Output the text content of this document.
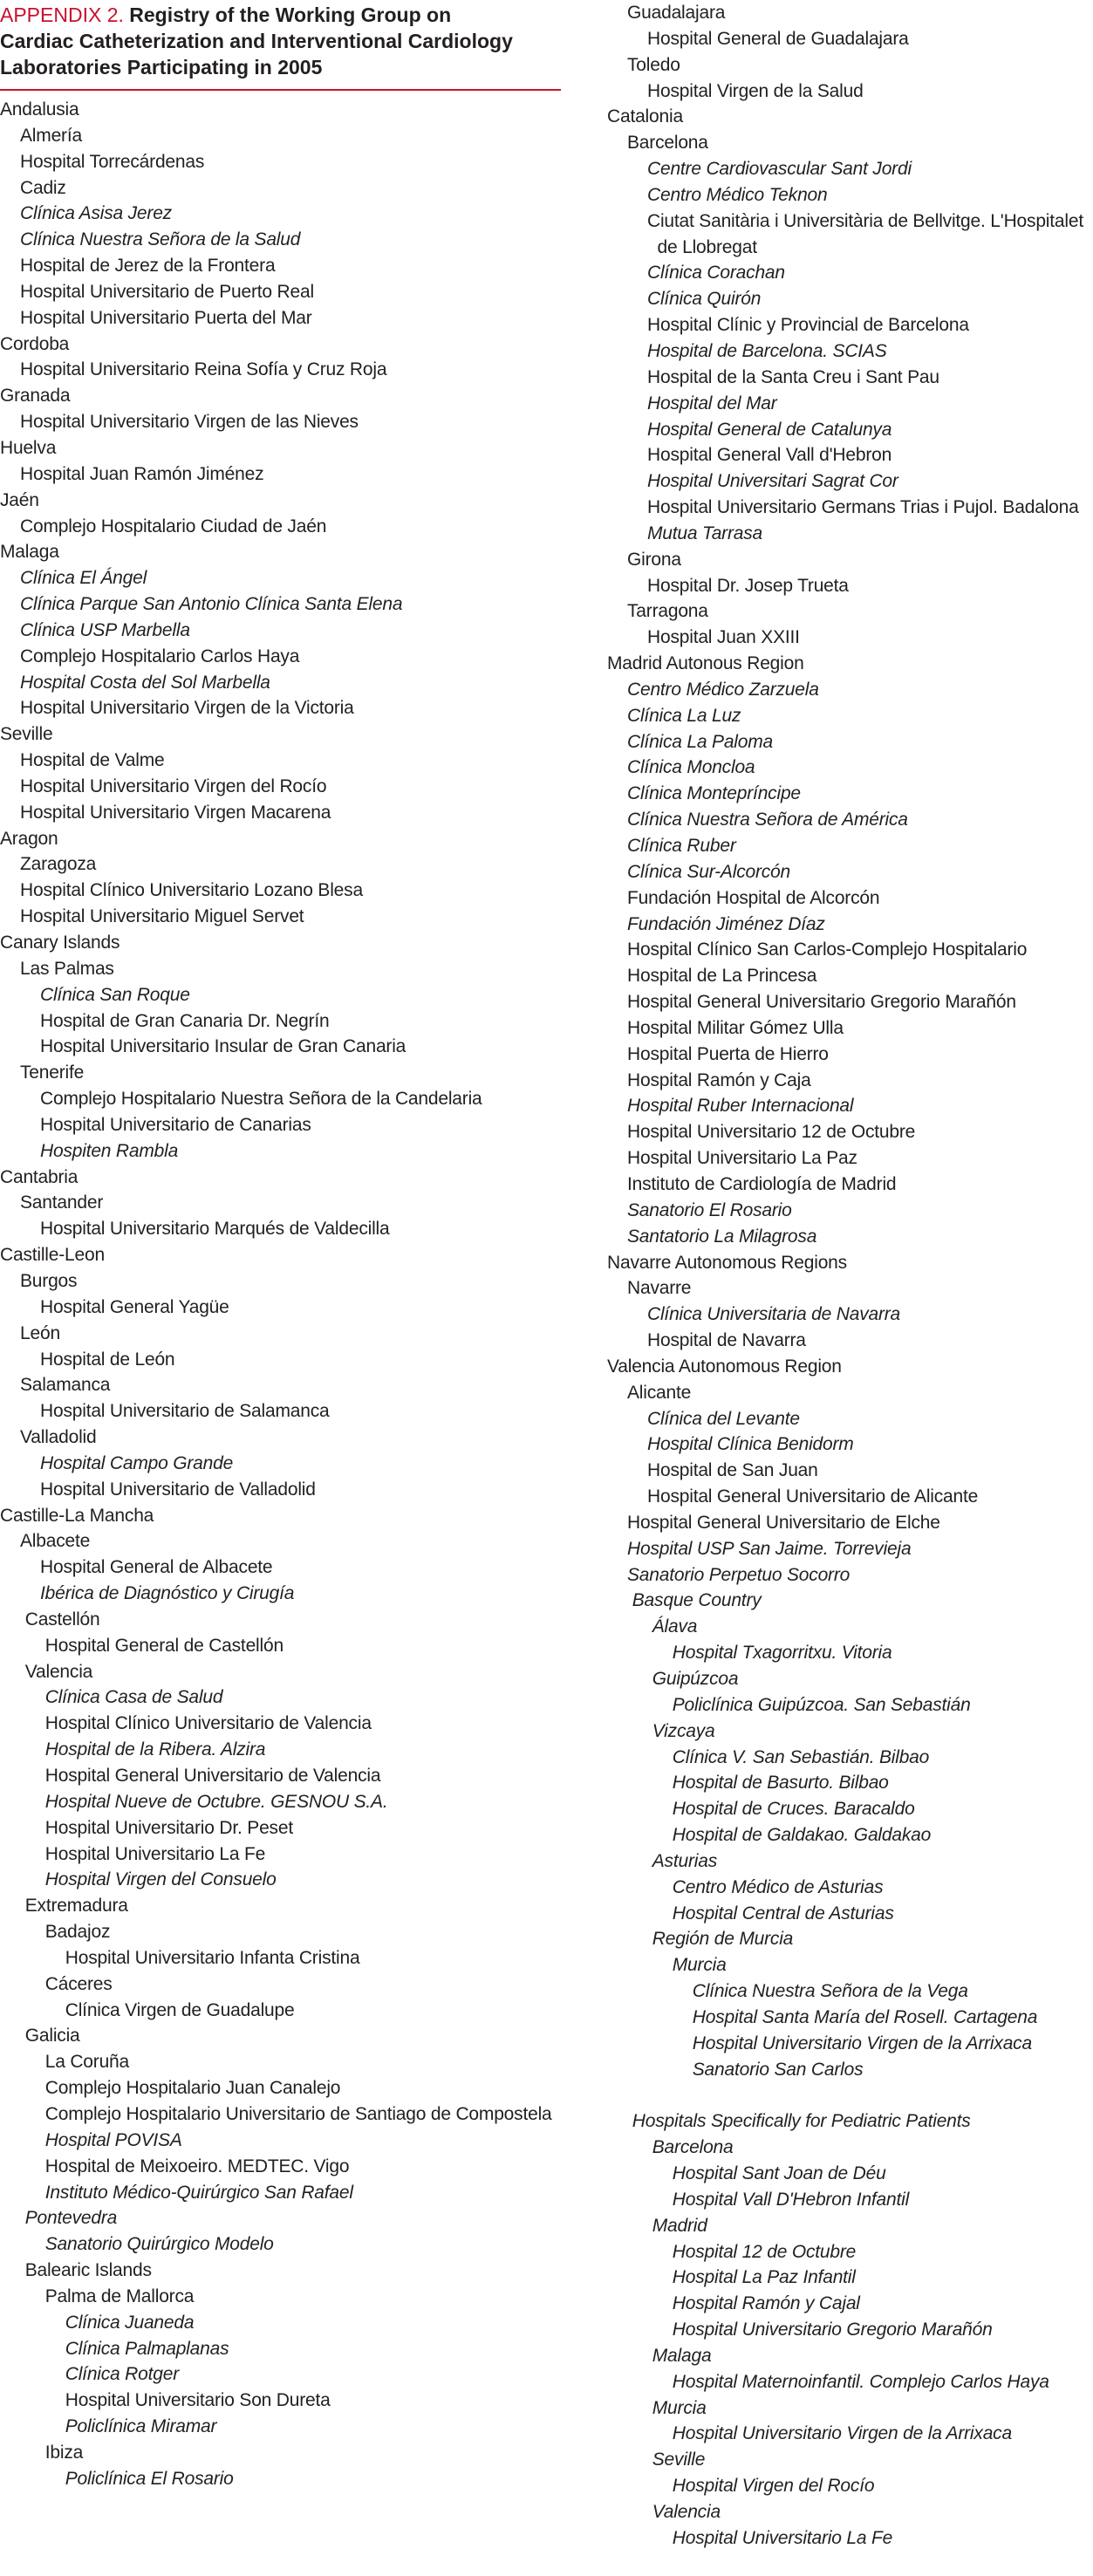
APPENDIX 2. Registry of the Working Group on
Cardiac Catheterization and Interventional Cardiology
Laboratories Participating in 2005
Andalusia
Almería
Hospital Torrecárdenas
Cadiz
Clínica Asisa Jerez
Clínica Nuestra Señora de la Salud
Hospital de Jerez de la Frontera
Hospital Universitario de Puerto Real
Hospital Universitario Puerta del Mar
Cordoba
Hospital Universitario Reina Sofía y Cruz Roja
Granada
Hospital Universitario Virgen de las Nieves
Huelva
Hospital Juan Ramón Jiménez
Jaén
Complejo Hospitalario Ciudad de Jaén
Malaga
Clínica El Ángel
Clínica Parque San Antonio Clínica Santa Elena
Clínica USP Marbella
Complejo Hospitalario Carlos Haya
Hospital Costa del Sol Marbella
Hospital Universitario Virgen de la Victoria
Seville
Hospital de Valme
Hospital Universitario Virgen del Rocío
Hospital Universitario Virgen Macarena
Aragon
Zaragoza
Hospital Clínico Universitario Lozano Blesa
Hospital Universitario Miguel Servet
Canary Islands
Las Palmas
Clínica San Roque
Hospital de Gran Canaria Dr. Negrín
Hospital Universitario Insular de Gran Canaria
Tenerife
Complejo Hospitalario Nuestra Señora de la Candelaria
Hospital Universitario de Canarias
Hospiten Rambla
Cantabria
Santander
Hospital Universitario Marqués de Valdecilla
Castille-Leon
Burgos
Hospital General Yagüe
León
Hospital de León
Salamanca
Hospital Universitario de Salamanca
Valladolid
Hospital Campo Grande
Hospital Universitario de Valladolid
Castille-La Mancha
Albacete
Hospital General de Albacete
Ibérica de Diagnóstico y Cirugía
Castellón
Hospital General de Castellón
Valencia
Clínica Casa de Salud
Hospital Clínico Universitario de Valencia
Hospital de la Ribera. Alzira
Hospital General Universitario de Valencia
Hospital Nueve de Octubre. GESNOU S.A.
Hospital Universitario Dr. Peset
Hospital Universitario La Fe
Hospital Virgen del Consuelo
Extremadura
Badajoz
Hospital Universitario Infanta Cristina
Cáceres
Clínica Virgen de Guadalupe
Galicia
La Coruña
Complejo Hospitalario Juan Canalejo
Complejo Hospitalario Universitario de Santiago de Compostela
Hospital POVISA
Hospital de Meixoeiro. MEDTEC. Vigo
Instituto Médico-Quirúrgico San Rafael
Pontevedra
Sanatorio Quirúrgico Modelo
Balearic Islands
Palma de Mallorca
Clínica Juaneda
Clínica Palmaplanas
Clínica Rotger
Hospital Universitario Son Dureta
Policlínica Miramar
Ibiza
Policlínica El Rosario
Guadalajara
Hospital General de Guadalajara
Toledo
Hospital Virgen de la Salud
Catalonia
Barcelona
Centre Cardiovascular Sant Jordi
Centro Médico Teknon
Ciutat Sanitària i Universitària de Bellvitge. L'Hospitalet
de Llobregat
Clínica Corachan
Clínica Quirón
Hospital Clínic y Provincial de Barcelona
Hospital de Barcelona. SCIAS
Hospital de la Santa Creu i Sant Pau
Hospital del Mar
Hospital General de Catalunya
Hospital General Vall d'Hebron
Hospital Universitari Sagrat Cor
Hospital Universitario Germans Trias i Pujol. Badalona
Mutua Tarrasa
Girona
Hospital Dr. Josep Trueta
Tarragona
Hospital Juan XXIII
Madrid Autonous Region
Centro Médico Zarzuela
Clínica La Luz
Clínica La Paloma
Clínica Moncloa
Clínica Montepríncipe
Clínica Nuestra Señora de América
Clínica Ruber
Clínica Sur-Alcorcón
Fundación Hospital de Alcorcón
Fundación Jiménez Díaz
Hospital Clínico San Carlos-Complejo Hospitalario
Hospital de La Princesa
Hospital General Universitario Gregorio Marañón
Hospital Militar Gómez Ulla
Hospital Puerta de Hierro
Hospital Ramón y Caja
Hospital Ruber Internacional
Hospital Universitario 12 de Octubre
Hospital Universitario La Paz
Instituto de Cardiología de Madrid
Sanatorio El Rosario
Santatorio La Milagrosa
Navarre Autonomous Regions
Navarre
Clínica Universitaria de Navarra
Hospital de Navarra
Valencia Autonomous Region
Alicante
Clínica del Levante
Hospital Clínica Benidorm
Hospital de San Juan
Hospital General Universitario de Alicante
Hospital General Universitario de Elche
Hospital USP San Jaime. Torrevieja
Sanatorio Perpetuo Socorro
Basque Country
Álava
Hospital Txagorritxu. Vitoria
Guipúzcoa
Policlínica Guipúzcoa. San Sebastián
Vizcaya
Clínica V. San Sebastián. Bilbao
Hospital de Basurto. Bilbao
Hospital de Cruces. Baracaldo
Hospital de Galdakao. Galdakao
Asturias
Centro Médico de Asturias
Hospital Central de Asturias
Región de Murcia
Murcia
Clínica Nuestra Señora de la Vega
Hospital Santa María del Rosell. Cartagena
Hospital Universitario Virgen de la Arrixaca
Sanatorio San Carlos
Hospitals Specifically for Pediatric Patients
Barcelona
Hospital Sant Joan de Déu
Hospital Vall D'Hebron Infantil
Madrid
Hospital 12 de Octubre
Hospital La Paz Infantil
Hospital Ramón y Cajal
Hospital Universitario Gregorio Marañón
Malaga
Hospital Maternoinfantil. Complejo Carlos Haya
Murcia
Hospital Universitario Virgen de la Arrixaca
Seville
Hospital Virgen del Rocío
Valencia
Hospital Universitario La Fe
